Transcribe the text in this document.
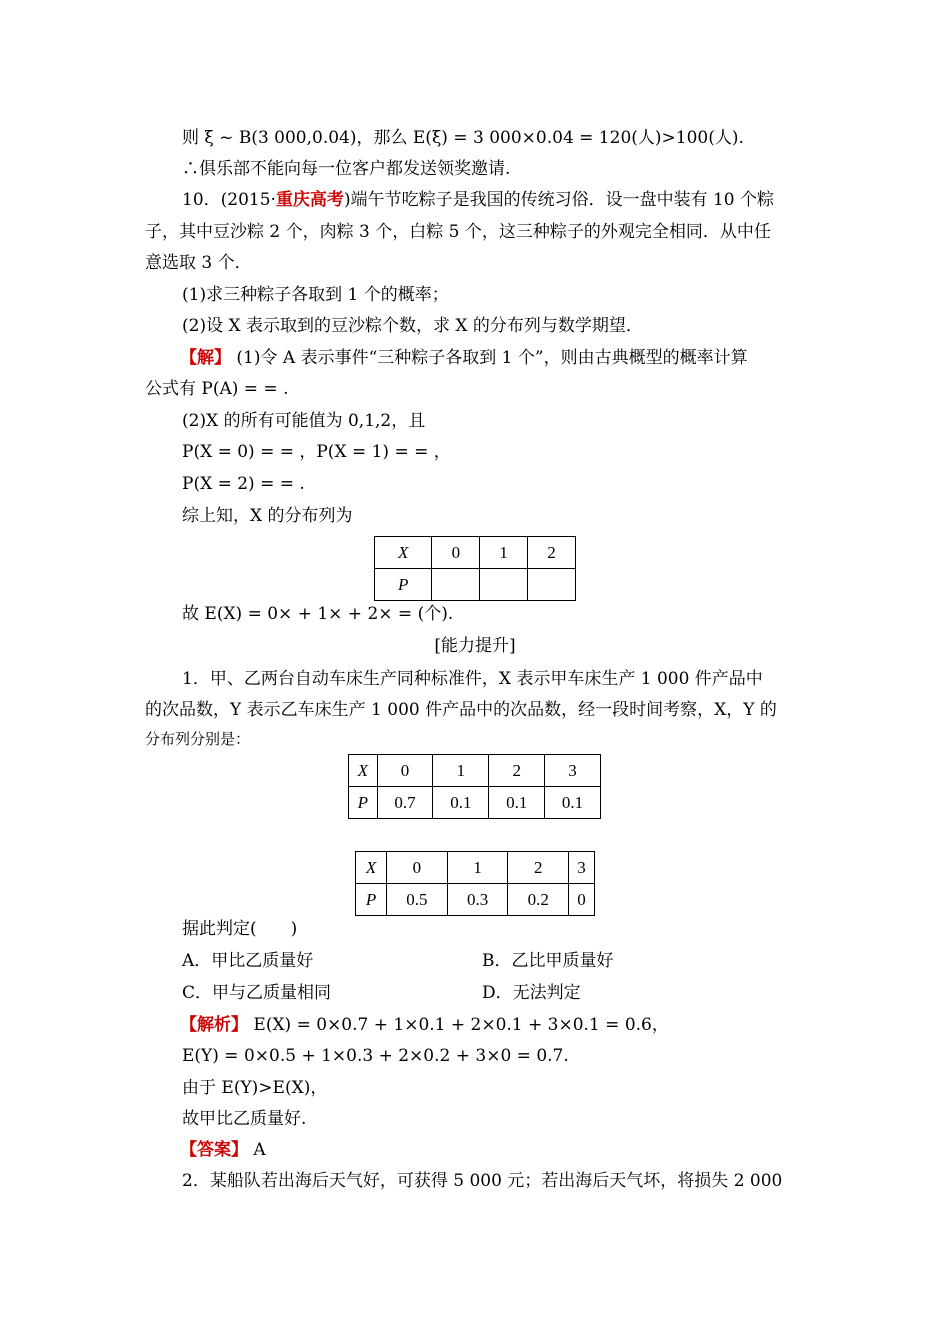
则 ξ ~ B(3 000,0.04)，那么 E(ξ) = 3 000×0.04 = 120(人)>100(人).
∴俱乐部不能向每一位客户都发送领奖邀请.
10．(2015·重庆高考)端午节吃粽子是我国的传统习俗．设一盘中装有 10 个粽
子，其中豆沙粽 2 个，肉粽 3 个，白粽 5 个，这三种粽子的外观完全相同．从中任
意选取 3 个．
(1)求三种粽子各取到 1 个的概率；
(2)设 X 表示取到的豆沙粽个数，求 X 的分布列与数学期望．
【解】 (1)令 A 表示事件“三种粽子各取到 1 个”，则由古典概型的概率计算
公式有 P(A) = = .
(2)X 的所有可能值为 0,1,2，且
P(X = 0) = = ，P(X = 1) = = ，
P(X = 2) = = .
综上知，X 的分布列为
X	0	1	2
P			
故 E(X) = 0× + 1× + 2× = (个).
[能力提升]
1．甲、乙两台自动车床生产同种标准件，X 表示甲车床生产 1 000 件产品中
的次品数，Y 表示乙车床生产 1 000 件产品中的次品数，经一段时间考察，X，Y 的
分布列分别是：
X	0	1	2	3
P	0.7	0.1	0.1	0.1
X	0	1	2	3
P	0.5	0.3	0.2	0
据此判定(　　)
A．甲比乙质量好	B．乙比甲质量好
C．甲与乙质量相同	D．无法判定
【解析】 E(X) = 0×0.7 + 1×0.1 + 2×0.1 + 3×0.1 = 0.6，
E(Y) = 0×0.5 + 1×0.3 + 2×0.2 + 3×0 = 0.7.
由于 E(Y)>E(X)，
故甲比乙质量好.
【答案】 A
2．某船队若出海后天气好，可获得 5 000 元；若出海后天气坏，将损失 2 000
